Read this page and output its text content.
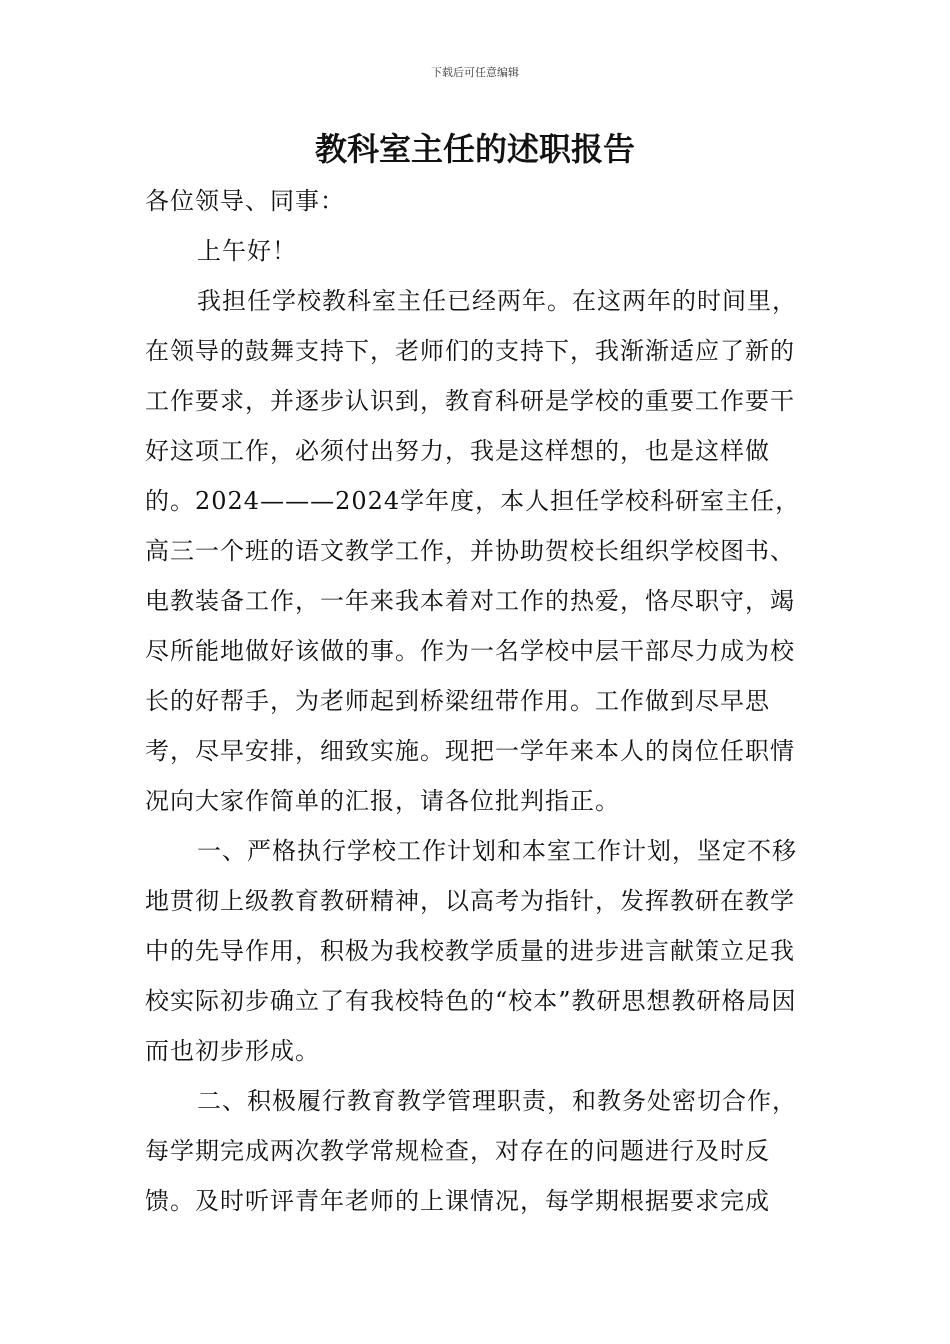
下载后可任意编辑
教科室主任的述职报告

各位领导、同事：

上午好！

我担任学校教科室主任已经两年。在这两年的时间里，在领导的鼓舞支持下，老师们的支持下，我渐渐适应了新的工作要求，并逐步认识到，教育科研是学校的重要工作要干好这项工作，必须付出努力，我是这样想的，也是这样做的。2024———2024学年度，本人担任学校科研室主任，高三一个班的语文教学工作，并协助贺校长组织学校图书、电教装备工作，一年来我本着对工作的热爱，恪尽职守，竭尽所能地做好该做的事。作为一名学校中层干部尽力成为校长的好帮手，为老师起到桥梁纽带作用。工作做到尽早思考，尽早安排，细致实施。现把一学年来本人的岗位任职情况向大家作简单的汇报，请各位批判指正。

一、严格执行学校工作计划和本室工作计划，坚定不移地贯彻上级教育教研精神，以高考为指针，发挥教研在教学中的先导作用，积极为我校教学质量的进步进言献策立足我校实际初步确立了有我校特色的“校本”教研思想教研格局因而也初步形成。

二、积极履行教育教学管理职责，和教务处密切合作，每学期完成两次教学常规检查，对存在的问题进行及时反馈。及时听评青年老师的上课情况，每学期根据要求完成
